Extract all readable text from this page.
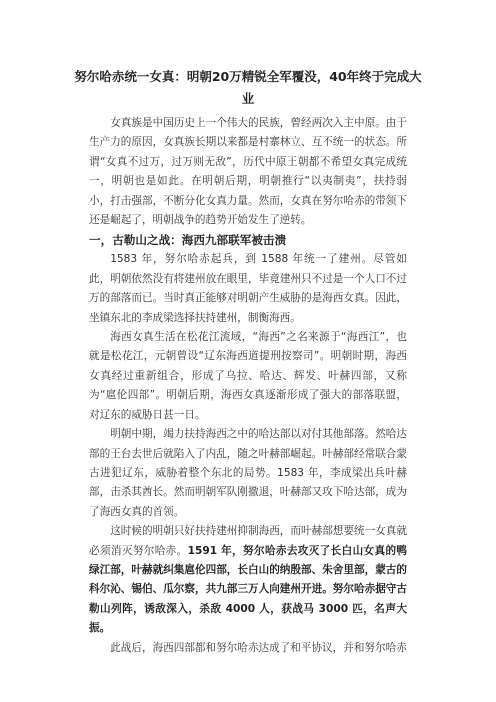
努尔哈赤统一女真：明朝20万精锐全军覆没，40年终于完成大业

女真族是中国历史上一个伟大的民族，曾经两次入主中原。由于生产力的原因，女真族长期以来都是村寨林立、互不统一的状态。所谓“女真不过万，过万则无敌”，历代中原王朝都不希望女真完成统一，明朝也是如此。在明朝后期，明朝推行“以夷制夷”，扶持弱小，打击强部，不断分化女真力量。然而，女真在努尔哈赤的带领下还是崛起了，明朝战争的趋势开始发生了逆转。

一，古勒山之战：海西九部联军被击溃

1583 年，努尔哈赤起兵，到 1588 年统一了建州。尽管如此，明朝依然没有将建州放在眼里，毕竟建州只不过是一个人口不过万的部落而已。当时真正能够对明朝产生威胁的是海西女真。因此，坐镇东北的李成梁选择扶持建州，制衡海西。

海西女真生活在松花江流域，“海西”之名来源于“海西江”，也就是松花江，元朝曾设“辽东海西道提刑按察司”。明朝时期，海西女真经过重新组合，形成了乌拉、哈达、辉发、叶赫四部，又称为“扈伦四部”。明朝后期，海西女真逐渐形成了强大的部落联盟，对辽东的威胁日甚一日。

明朝中期，竭力扶持海西之中的哈达部以对付其他部落。然哈达部的王台去世后就陷入了内乱，随之叶赫部崛起。叶赫部经常联合蒙古进犯辽东，威胁着整个东北的局势。1583 年，李成梁出兵叶赫部，击杀其酋长。然而明朝军队刚撤退，叶赫部又攻下哈达部，成为了海西女真的首领。

这时候的明朝只好扶持建州抑制海西，而叶赫部想要统一女真就必须消灭努尔哈赤。1591 年，努尔哈赤去攻灭了长白山女真的鸭绿江部，叶赫就纠集扈伦四部，长白山的纳殷部、朱舍里部，蒙古的科尔沁、锡伯、瓜尔察，共九部三万人向建州开进。努尔哈赤据守古勒山列阵，诱敌深入，杀敌 4000 人，获战马 3000 匹，名声大振。

此战后，海西四部都和努尔哈赤达成了和平协议，并和努尔哈赤
